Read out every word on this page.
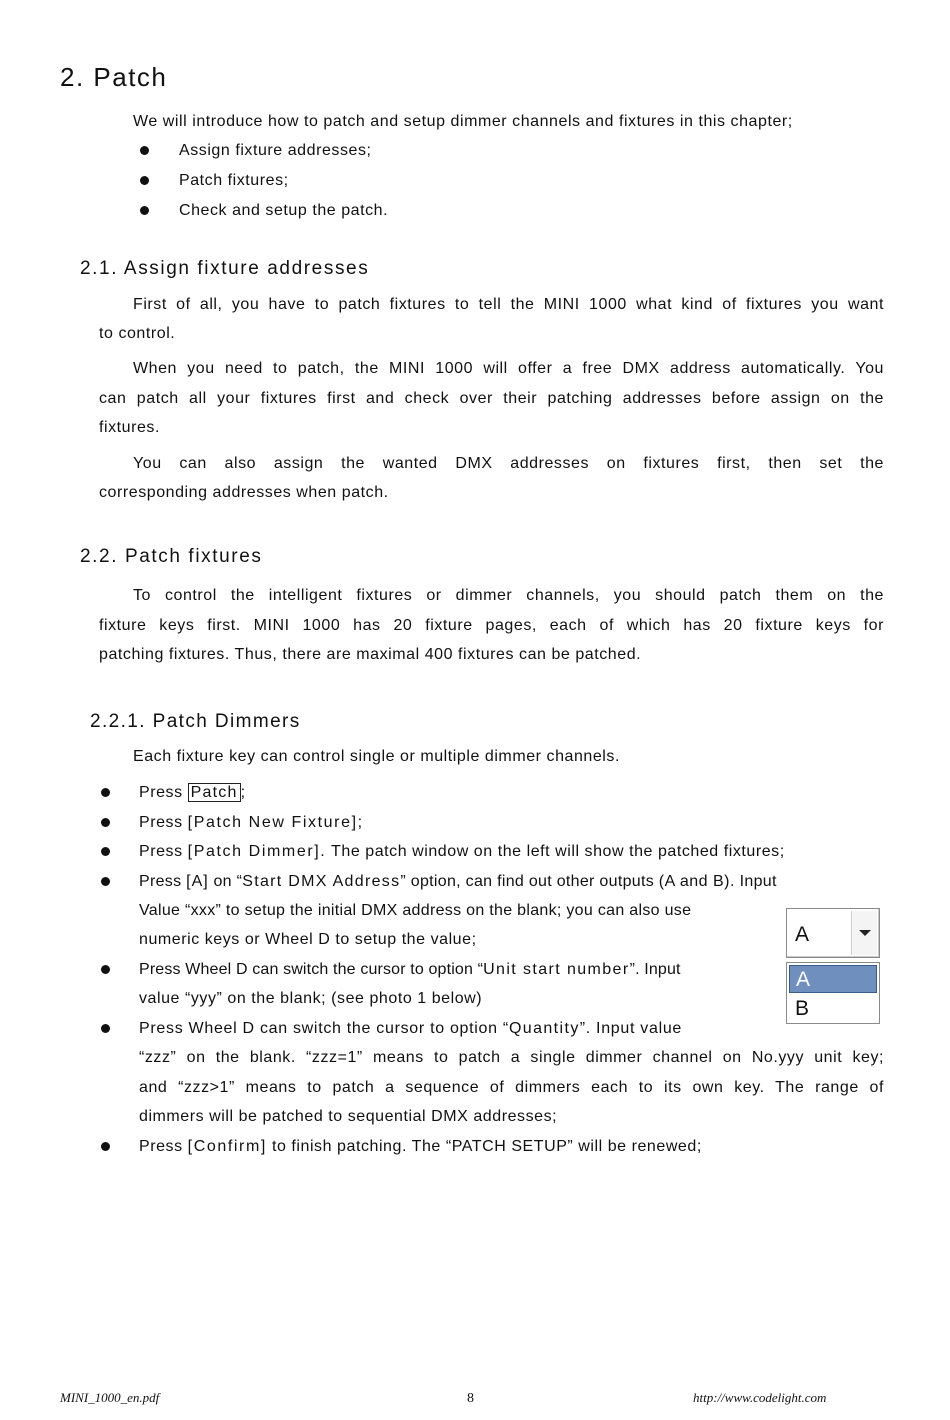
2. Patch
We will introduce how to patch and setup dimmer channels and fixtures in this chapter;
Assign fixture addresses;
Patch fixtures;
Check and setup the patch.
2.1. Assign fixture addresses
First of all, you have to patch fixtures to tell the MINI 1000 what kind of fixtures you want
to control.
When you need to patch, the MINI 1000 will offer a free DMX address automatically. You
can patch all your fixtures first and check over their patching addresses before assign on the
fixtures.
You can also assign the wanted DMX addresses on fixtures first, then set the
corresponding addresses when patch.
2.2. Patch fixtures
To control the intelligent fixtures or dimmer channels, you should patch them on the
fixture keys first. MINI 1000 has 20 fixture pages, each of which has 20 fixture keys for
patching fixtures. Thus, there are maximal 400 fixtures can be patched.
2.2.1. Patch Dimmers
Each fixture key can control single or multiple dimmer channels.
Press Patch ;
Press [Patch New Fixture];
Press [Patch Dimmer]. The patch window on the left will show the patched fixtures;
Press [A] on “Start DMX Address” option, can find out other outputs (A and B). Input
Value “xxx” to setup the initial DMX address on the blank; you can also use
numeric keys or Wheel D to setup the value;
Press Wheel D can switch the cursor to option “Unit start number”. Input
value “yyy” on the blank; (see photo 1 below)
Press Wheel D can switch the cursor to option “Quantity”. Input value
“zzz” on the blank. “zzz=1” means to patch a single dimmer channel on No.yyy unit key;
and “zzz>1” means to patch a sequence of dimmers each to its own key. The range of
dimmers will be patched to sequential DMX addresses;
Press [Confirm] to finish patching. The “PATCH SETUP” will be renewed;
A
A
B
MINI_1000_en.pdf	8	http://www.codelight.com
